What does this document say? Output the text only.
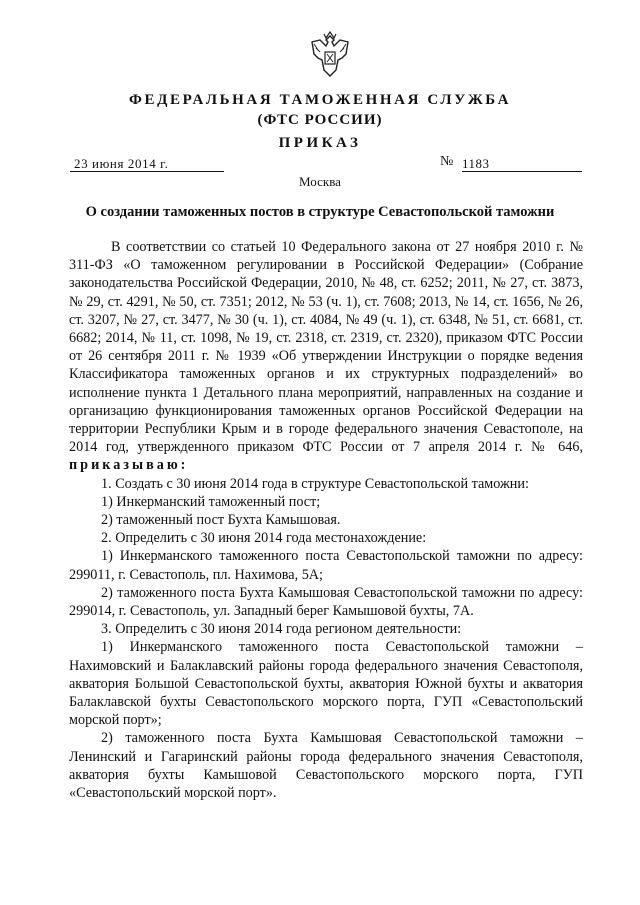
ФЕДЕРАЛЬНАЯ ТАМОЖЕННАЯ СЛУЖБА
(ФТС РОССИИ)
ПРИКАЗ
23 июня 2014 г.	№ 1183
Москва
О создании таможенных постов в структуре Севастопольской таможни

В соответствии со статьей 10 Федерального закона от 27 ноября 2010 г. № 311-ФЗ «О таможенном регулировании в Российской Федерации» (Собрание законодательства Российской Федерации, 2010, № 48, ст. 6252; 2011, № 27, ст. 3873, № 29, ст. 4291, № 50, ст. 7351; 2012, № 53 (ч. 1), ст. 7608; 2013, № 14, ст. 1656, № 26, ст. 3207, № 27, ст. 3477, № 30 (ч. 1), ст. 4084, № 49 (ч. 1), ст. 6348, № 51, ст. 6681, ст. 6682; 2014, № 11, ст. 1098, № 19, ст. 2318, ст. 2319, ст. 2320), приказом ФТС России от 26 сентября 2011 г. № 1939 «Об утверждении Инструкции о порядке ведения Классификатора таможенных органов и их структурных подразделений» во исполнение пункта 1 Детального плана мероприятий, направленных на создание и организацию функционирования таможенных органов Российской Федерации на территории Республики Крым и в городе федерального значения Севастополе, на 2014 год, утвержденного приказом ФТС России от 7 апреля 2014 г. № 646, приказываю:

1. Создать с 30 июня 2014 года в структуре Севастопольской таможни:

1) Инкерманский таможенный пост;

2) таможенный пост Бухта Камышовая.

2. Определить с 30 июня 2014 года местонахождение:

1) Инкерманского таможенного поста Севастопольской таможни по адресу: 299011, г. Севастополь, пл. Нахимова, 5А;

2) таможенного поста Бухта Камышовая Севастопольской таможни по адресу: 299014, г. Севастополь, ул. Западный берег Камышовой бухты, 7А.

3. Определить с 30 июня 2014 года регионом деятельности:

1) Инкерманского таможенного поста Севастопольской таможни – Нахимовский и Балаклавский районы города федерального значения Севастополя, акватория Большой Севастопольской бухты, акватория Южной бухты и акватория Балаклавской бухты Севастопольского морского порта, ГУП «Севастопольский морской порт»;

2) таможенного поста Бухта Камышовая Севастопольской таможни – Ленинский и Гагаринский районы города федерального значения Севастополя, акватория бухты Камышовой Севастопольского морского порта, ГУП «Севастопольский морской порт».
